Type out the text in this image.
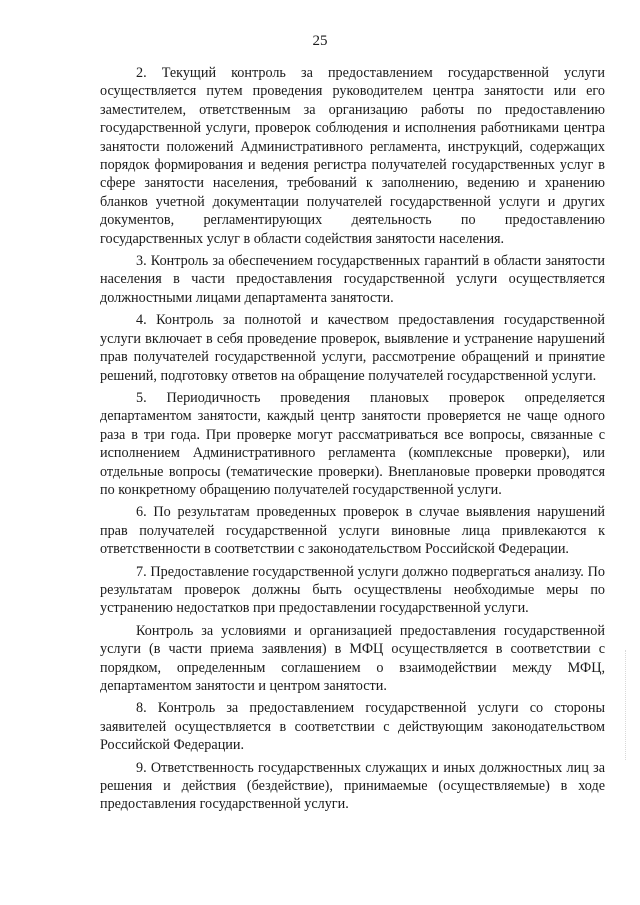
25

2. Текущий контроль за предоставлением государственной услуги осуществляется путем проведения руководителем центра занятости или его заместителем, ответственным за организацию работы по предоставлению государственной услуги, проверок соблюдения и исполнения работниками центра занятости положений Административного регламента, инструкций, содержащих порядок формирования и ведения регистра получателей государственных услуг в сфере занятости населения, требований к заполнению, ведению и хранению бланков учетной документации получателей государственной услуги и других документов, регламентирующих деятельность по предоставлению государственных услуг в области содействия занятости населения.

3. Контроль за обеспечением государственных гарантий в области занятости населения в части предоставления государственной услуги осуществляется должностными лицами департамента занятости.

4. Контроль за полнотой и качеством предоставления государственной услуги включает в себя проведение проверок, выявление и устранение нарушений прав получателей государственной услуги, рассмотрение обращений и принятие решений, подготовку ответов на обращение получателей государственной услуги.

5. Периодичность проведения плановых проверок определяется департаментом занятости, каждый центр занятости проверяется не чаще одного раза в три года. При проверке могут рассматриваться все вопросы, связанные с исполнением Административного регламента (комплексные проверки), или отдельные вопросы (тематические проверки). Внеплановые проверки проводятся по конкретному обращению получателей государственной услуги.

6. По результатам проведенных проверок в случае выявления нарушений прав получателей государственной услуги виновные лица привлекаются к ответственности в соответствии с законодательством Российской Федерации.

7. Предоставление государственной услуги должно подвергаться анализу. По результатам проверок должны быть осуществлены необходимые меры по устранению недостатков при предоставлении государственной услуги.

Контроль за условиями и организацией предоставления государственной услуги (в части приема заявления) в МФЦ осуществляется в соответствии с порядком, определенным соглашением о взаимодействии между МФЦ, департаментом занятости и центром занятости.

8. Контроль за предоставлением государственной услуги со стороны заявителей осуществляется в соответствии с действующим законодательством Российской Федерации.

9. Ответственность государственных служащих и иных должностных лиц за решения и действия (бездействие), принимаемые (осуществляемые) в ходе предоставления государственной услуги.
